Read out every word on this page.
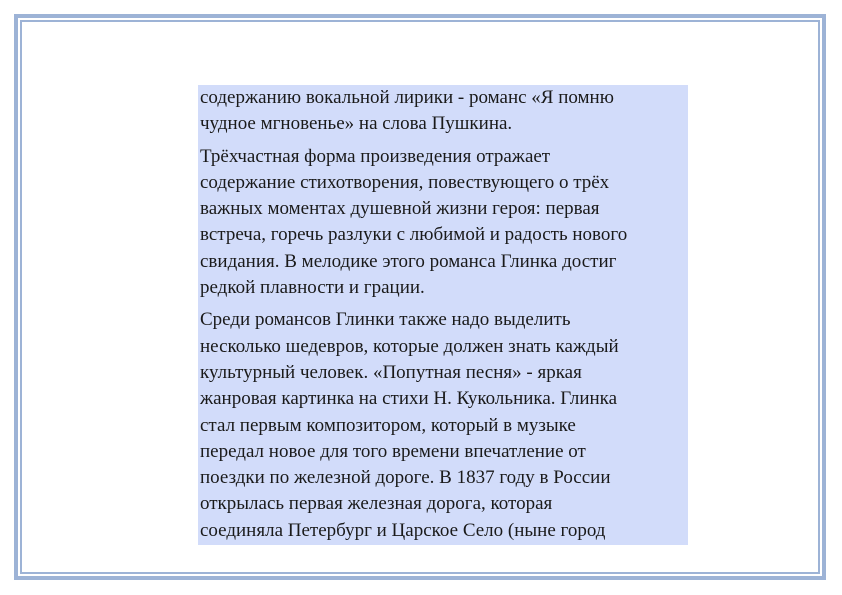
содержанию вокальной лирики - романс «Я помню
чудное мгновенье» на слова Пушкина.

Трёхчастная форма произведения отражает
содержание стихотворения, повествующего о трёх
важных моментах душевной жизни героя: первая
встреча, горечь разлуки с любимой и радость нового
свидания. В мелодике этого романса Глинка достиг
редкой плавности и грации.

Среди романсов Глинки также надо выделить
несколько шедевров, которые должен знать каждый
культурный человек. «Попутная песня» - яркая
жанровая картинка на стихи Н. Кукольника. Глинка
стал первым композитором, который в музыке
передал новое для того времени впечатление от
поездки по железной дороге. В 1837 году в России
открылась первая железная дорога, которая
соединяла Петербург и Царское Село (ныне город
